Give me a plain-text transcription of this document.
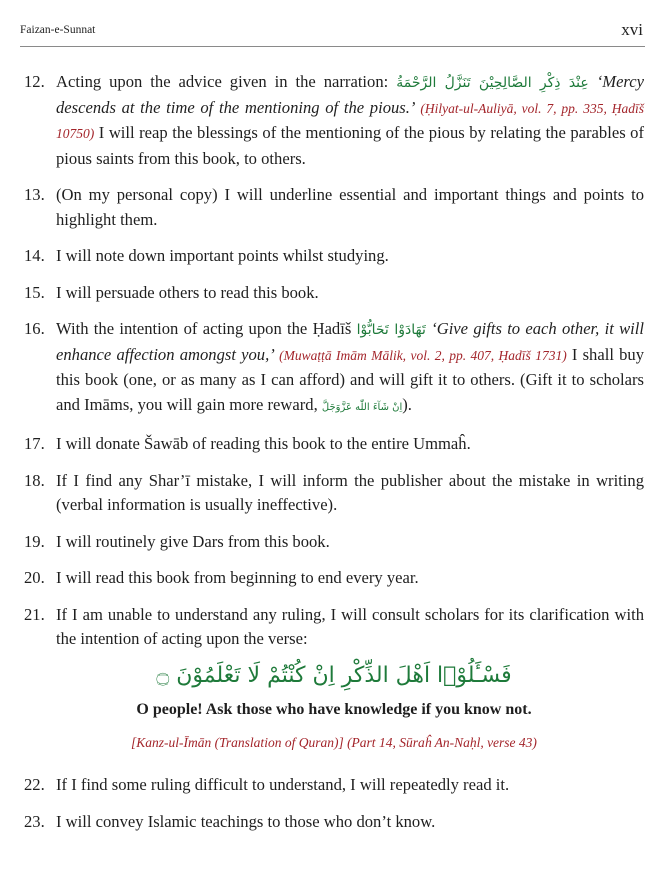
Faizan-e-Sunnat	xvi
12. Acting upon the advice given in the narration: عِنْدَ ذِكْرِ الصَّالِحِيْنَ تَنَزَّلُ الرَّحْمَةُ ‘Mercy descends at the time of the mentioning of the pious.’ (Ḥilyat-ul-Auliyā, vol. 7, pp. 335, Ḥadīš 10750) I will reap the blessings of the mentioning of the pious by relating the parables of pious saints from this book, to others.
13. (On my personal copy) I will underline essential and important things and points to highlight them.
14. I will note down important points whilst studying.
15. I will persuade others to read this book.
16. With the intention of acting upon the Ḥadīš تَهَادَوْا تَحَابُّوْا ‘Give gifts to each other, it will enhance affection amongst you,’ (Muwaṭṭā Imām Mālik, vol. 2, pp. 407, Ḥadīš 1731) I shall buy this book (one, or as many as I can afford) and will gift it to others. (Gift it to scholars and Imāms, you will gain more reward, اِنْ شَآءَ اللّٰه عَزَّوَجَلَّ).
17. I will donate Šawāb of reading this book to the entire Ummaĥ.
18. If I find any Shar’ī mistake, I will inform the publisher about the mistake in writing (verbal information is usually ineffective).
19. I will routinely give Dars from this book.
20. I will read this book from beginning to end every year.
21. If I am unable to understand any ruling, I will consult scholars for its clarification with the intention of acting upon the verse:
فَسْـَٔلُوْۤا اَهْلَ الذِّكْرِ اِنْ كُنْتُمْ لَا تَعْلَمُوْنَ ۝
O people! Ask those who have knowledge if you know not.
[Kanz-ul-Īmān (Translation of Quran)] (Part 14, Sūraĥ An-Naḥl, verse 43)
22. If I find some ruling difficult to understand, I will repeatedly read it.
23. I will convey Islamic teachings to those who don’t know.
